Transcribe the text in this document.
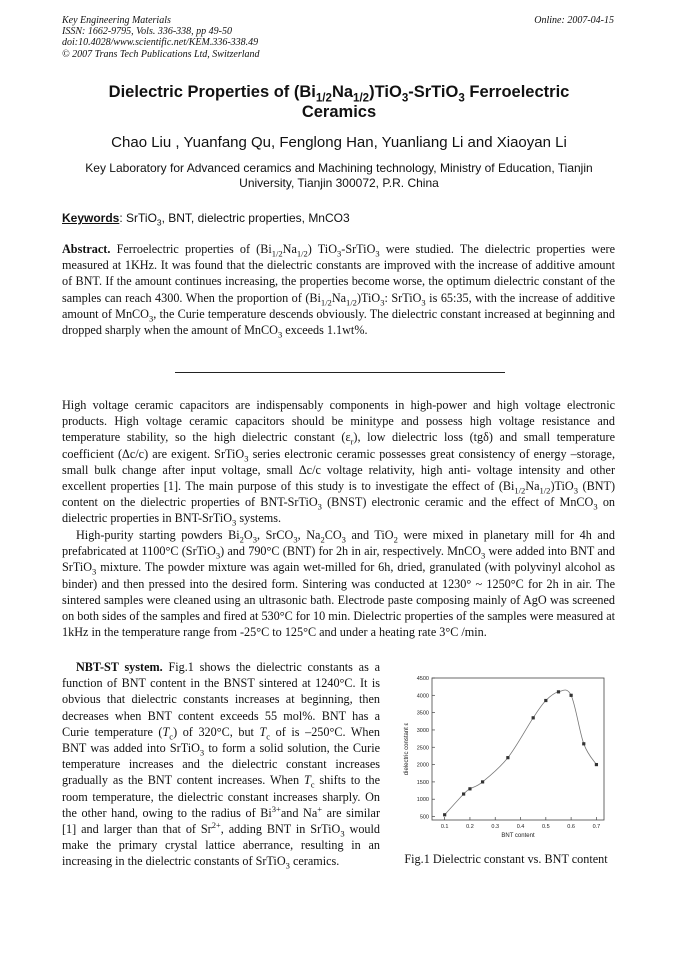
Key Engineering Materials
ISSN: 1662-9795, Vols. 336-338, pp 49-50
doi:10.4028/www.scientific.net/KEM.336-338.49
© 2007 Trans Tech Publications Ltd, Switzerland
Online: 2007-04-15
Dielectric Properties of $(Bi_{1/2}Na_{1/2})TiO_3-SrTiO_3$ Ferroelectric Ceramics
Chao Liu , Yuanfang Qu, Fenglong Han, Yuanliang Li and Xiaoyan Li
Key Laboratory for Advanced ceramics and Machining technology, Ministry of Education, Tianjin University, Tianjin 300072, P.R. China
Keywords: SrTiO$_3$, BNT, dielectric properties, MnCO3

Abstract. Ferroelectric properties of $(Bi_{1/2}Na_{1/2})$ TiO$_3$-SrTiO$_3$ were studied. The dielectric properties were measured at 1KHz. It was found that the dielectric constants are improved with the increase of additive amount of BNT. If the amount continues increasing, the properties become worse, the optimum dielectric constant of the samples can reach 4300. When the proportion of $(Bi_{1/2}Na_{1/2})TiO_3$: SrTiO$_3$ is 65:35, with the increase of additive amount of MnCO$_3$, the Curie temperature descends obviously. The dielectric constant increased at beginning and dropped sharply when the amount of MnCO$_3$ exceeds 1.1wt%.

High voltage ceramic capacitors are indispensably components in high-power and high voltage electronic products. High voltage ceramic capacitors should be minitype and possess high voltage resistance and temperature stability, so the high dielectric constant $(\varepsilon_r)$, low dielectric loss (tgδ) and small temperature coefficient (Δc/c) are exigent. SrTiO$_3$ series electronic ceramic possesses great consistency of energy –storage, small bulk change after input voltage, small Δc/c voltage relativity, high anti- voltage intensity and other excellent properties [1]. The main purpose of this study is to investigate the effect of $(Bi_{1/2}Na_{1/2})TiO_3$ (BNT) content on the dielectric properties of BNT-SrTiO$_3$ (BNST) electronic ceramic and the effect of MnCO$_3$ on dielectric properties in BNT-SrTiO$_3$ systems.

High-purity starting powders $Bi_2O_3$, SrCO$_3$, $Na_2CO_3$ and TiO$_2$ were mixed in planetary mill for 4h and prefabricated at 1100°C (SrTiO$_3$) and 790°C (BNT) for 2h in air, respectively. MnCO$_3$ were added into BNT and SrTiO$_3$ mixture. The powder mixture was again wet-milled for 6h, dried, granulated (with polyvinyl alcohol as binder) and then pressed into the desired form. Sintering was conducted at 1230° ~ 1250°C for 2h in air. The sintered samples were cleaned using an ultrasonic bath. Electrode paste composing mainly of AgO was screened on both sides of the samples and fired at 530°C for 10 min. Dielectric properties of the samples were measured at 1kHz in the temperature range from -25°C to 125°C and under a heating rate 3°C /min.

NBT-ST system. Fig.1 shows the dielectric constants as a function of BNT content in the BNST sintered at 1240°C. It is obvious that dielectric constants increases at beginning, then decreases when BNT content exceeds 55 mol%. BNT has a Curie temperature $(T_c)$ of 320°C, but $T_c$ of is –250°C. When BNT was added into SrTiO$_3$ to form a solid solution, the Curie temperature increases and the dielectric constant increases gradually as the BNT content increases. When $T_c$ shifts to the room temperature, the dielectric constant increases sharply. On the other hand, owing to the radius of $Bi^{3+}and$ Na+ are similar [1] and larger than that of $Sr^{2+}$, adding BNT in SrTiO$_3$ would make the primary crystal lattice aberrance, resulting in an increasing in the dielectric constants of SrTiO$_3$ ceramics.

500
1000
1500
2000
2500
3000
3500
4000
4500
0.1	0.2	0.3	0.4	0.5	0.6	0.7
BNT content
dielectric constant ε
Fig.1 Dielectric constant vs. BNT content
